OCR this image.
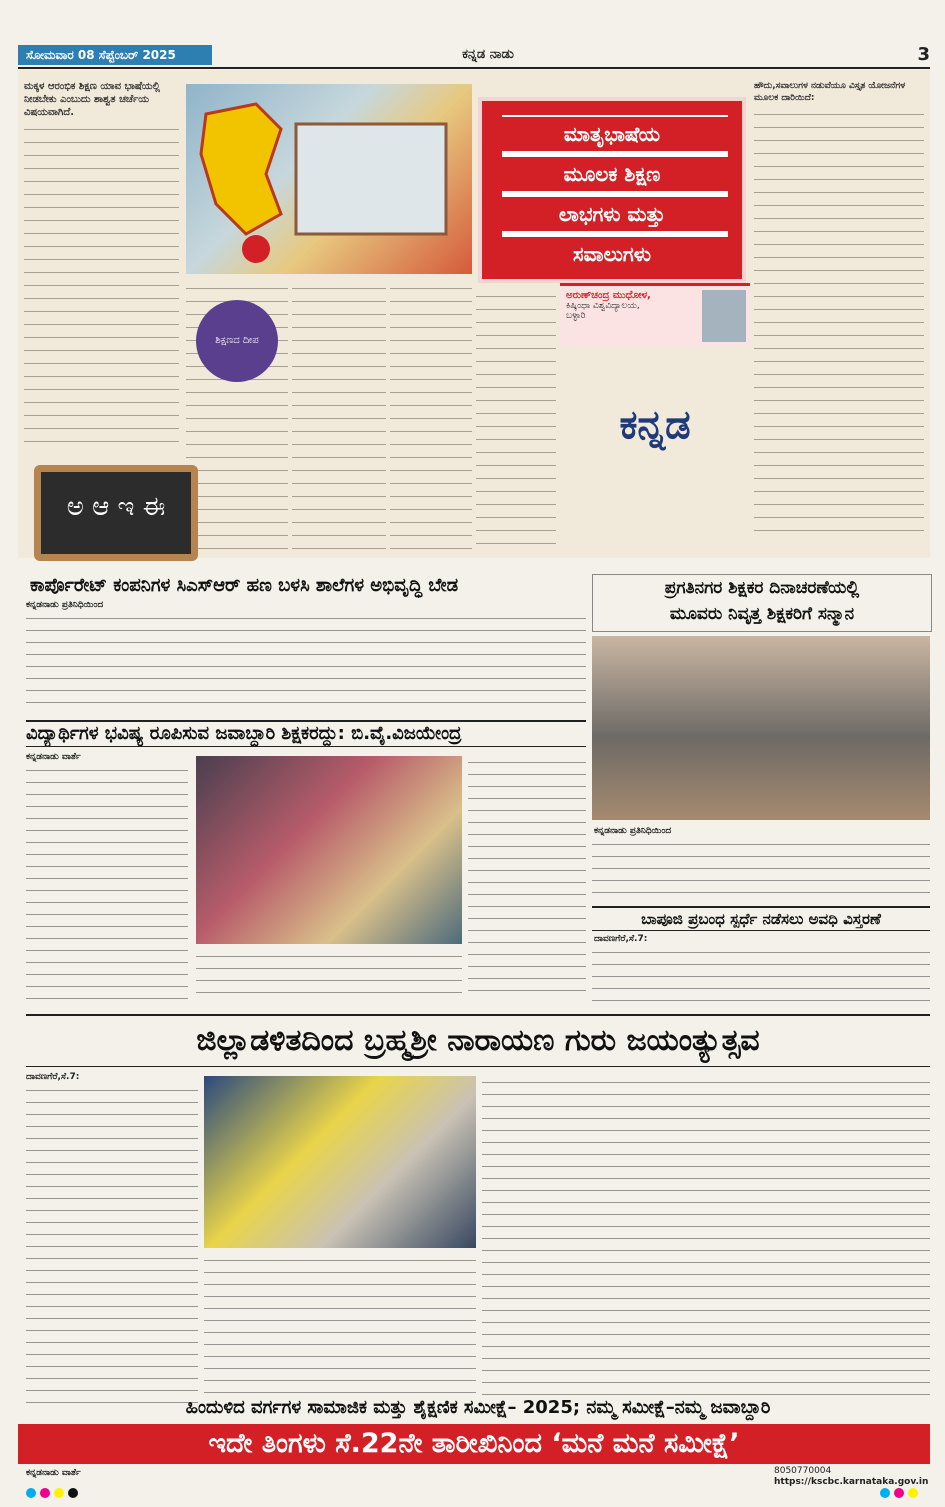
ಸೋಮವಾರ 08 ಸೆಪ್ಟೆಂಬರ್ 2025	ಕನ್ನಡ ನಾಡು	3
ಮಕ್ಕಳ ಆರಂಭಿಕ ಶಿಕ್ಷಣ ಯಾವ ಭಾಷೆಯಲ್ಲಿ ನೀಡಬೇಕು ಎಂಬುದು ಶಾಶ್ವತ ಚರ್ಚೆಯ ವಿಷಯವಾಗಿದೆ.
ಮಾತೃಭಾಷೆಯ
ಮೂಲಕ ಶಿಕ್ಷಣ
ಲಾಭಗಳು ಮತ್ತು
ಸವಾಲುಗಳು
ಹೌದು,ಸವಾಲುಗಳ ನಡುವೆಯೂ ವಿಸ್ತೃತ ಯೋಜನೆಗಳ ಮೂಲಕ ದಾರಿಯಿದೆ:
ಶಿಕ್ಷಣದ ದೀಪ
ಅರುಣ್‌ಚಂದ್ರ ಮುಧೋಳ,
ಕಿಷ್ಕಿಂಧಾ ವಿಶ್ವವಿದ್ಯಾಲಯ,
ಬಳ್ಳಾರಿ
ಕನ್ನಡ
ಅ ಆ ಇ ಈ
ಕಾರ್ಪೊರೇಟ್ ಕಂಪನಿಗಳ ಸಿಎಸ್‌ಆರ್ ಹಣ ಬಳಸಿ ಶಾಲೆಗಳ ಅಭಿವೃದ್ಧಿ ಬೇಡ
ಕನ್ನಡನಾಡು ಪ್ರತಿನಿಧಿಯಿಂದ
ಪ್ರಗತಿನಗರ ಶಿಕ್ಷಕರ ದಿನಾಚರಣೆಯಲ್ಲಿ
ಮೂವರು ನಿವೃತ್ತ ಶಿಕ್ಷಕರಿಗೆ ಸನ್ಮಾನ
ಕನ್ನಡನಾಡು ಪ್ರತಿನಿಧಿಯಿಂದ
ವಿದ್ಯಾರ್ಥಿಗಳ ಭವಿಷ್ಯ ರೂಪಿಸುವ ಜವಾಬ್ದಾರಿ ಶಿಕ್ಷಕರದ್ದು: ಬಿ.ವೈ.ವಿಜಯೇಂದ್ರ
ಕನ್ನಡನಾಡು ವಾರ್ತೆ
ಬಾಪೂಜಿ ಪ್ರಬಂಧ ಸ್ಪರ್ಧೆ ನಡೆಸಲು ಅವಧಿ ವಿಸ್ತರಣೆ
ದಾವಣಗೆರೆ,ಸೆ.7:
ಜಿಲ್ಲಾಡಳಿತದಿಂದ ಬ್ರಹ್ಮಶ್ರೀ ನಾರಾಯಣ ಗುರು ಜಯಂತ್ಯುತ್ಸವ
ದಾವಣಗೆರೆ,ಸೆ.7:
ಹಿಂದುಳಿದ ವರ್ಗಗಳ ಸಾಮಾಜಿಕ ಮತ್ತು ಶೈಕ್ಷಣಿಕ ಸಮೀಕ್ಷೆ– 2025; ನಮ್ಮ ಸಮೀಕ್ಷೆ–ನಮ್ಮ ಜವಾಬ್ದಾರಿ
ಇದೇ ತಿಂಗಳು ಸೆ.22ನೇ ತಾರೀಖಿನಿಂದ ‘ಮನೆ ಮನೆ ಸಮೀಕ್ಷೆ’
ಕನ್ನಡನಾಡು ವಾರ್ತೆ	8050770004 https://kscbc.karnataka.gov.in
